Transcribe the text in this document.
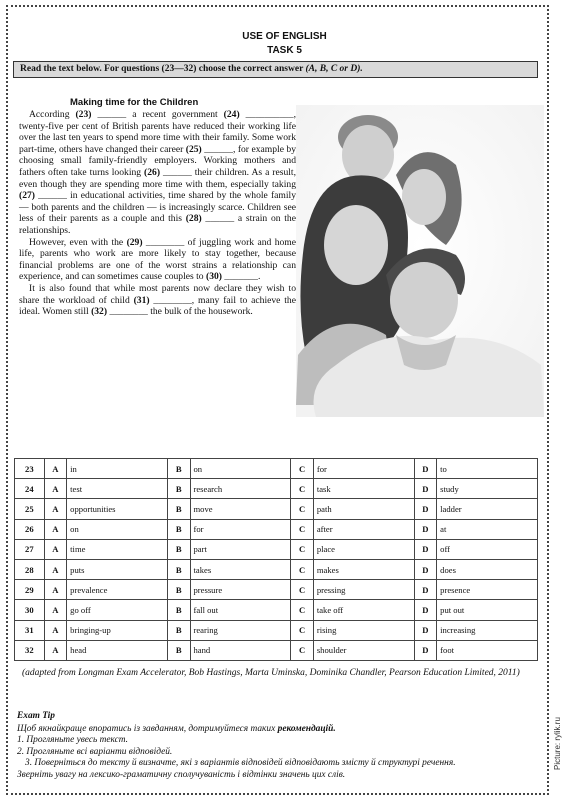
USE OF ENGLISH
TASK 5
Read the text below. For questions (23—32) choose the correct answer (A, B, C or D).
Making time for the Children

According (23) ______ a recent government (24) __________, twenty-five per cent of British parents have reduced their working life over the last ten years to spend more time with their family. Some work part-time, others have changed their career (25) ______, for example by choosing small family-friendly employers. Working mothers and fathers often take turns looking (26) ______ their children. As a result, even though they are spending more time with them, especially taking (27) ______ in educational activities, time shared by the whole family — both parents and the children — is increasingly scarce. Children see less of their parents as a couple and this (28) ______ a strain on the relationships.

However, even with the (29) ________ of juggling work and home life, parents who work are more likely to stay together, because financial problems are one of the worst strains a relationship can experience, and can sometimes cause couples to (30) _______.

It is also found that while most parents now declare they wish to share the workload of child (31) ________, many fail to achieve the ideal. Women still (32) ________ the bulk of the housework.

23	A	in	B	on	C	for	D	to
24	A	test	B	research	C	task	D	study
25	A	opportunities	B	move	C	path	D	ladder
26	A	on	B	for	C	after	D	at
27	A	time	B	part	C	place	D	off
28	A	puts	B	takes	C	makes	D	does
29	A	prevalence	B	pressure	C	pressing	D	presence
30	A	go off	B	fall out	C	take off	D	put out
31	A	bringing-up	B	rearing	C	rising	D	increasing
32	A	head	B	hand	C	shoulder	D	foot
(adapted from Longman Exam Accelerator, Bob Hastings, Marta Uminska, Dominika Chandler, Pearson Education Limited, 2011)
Exam Tip
Щоб якнайкраще впоратись із завданням, дотримуйтеся таких рекомендацій.
1. Прогляньте увесь текст.
2. Прогляньте всі варіанти відповідей.
3. Поверніться до тексту й визначте, які з варіантів відповідей відповідають змісту й структурі речення.
Зверніть увагу на лексико-граматичну сполучуваність і відтінки значень цих слів.
Picture: rylik.ru
